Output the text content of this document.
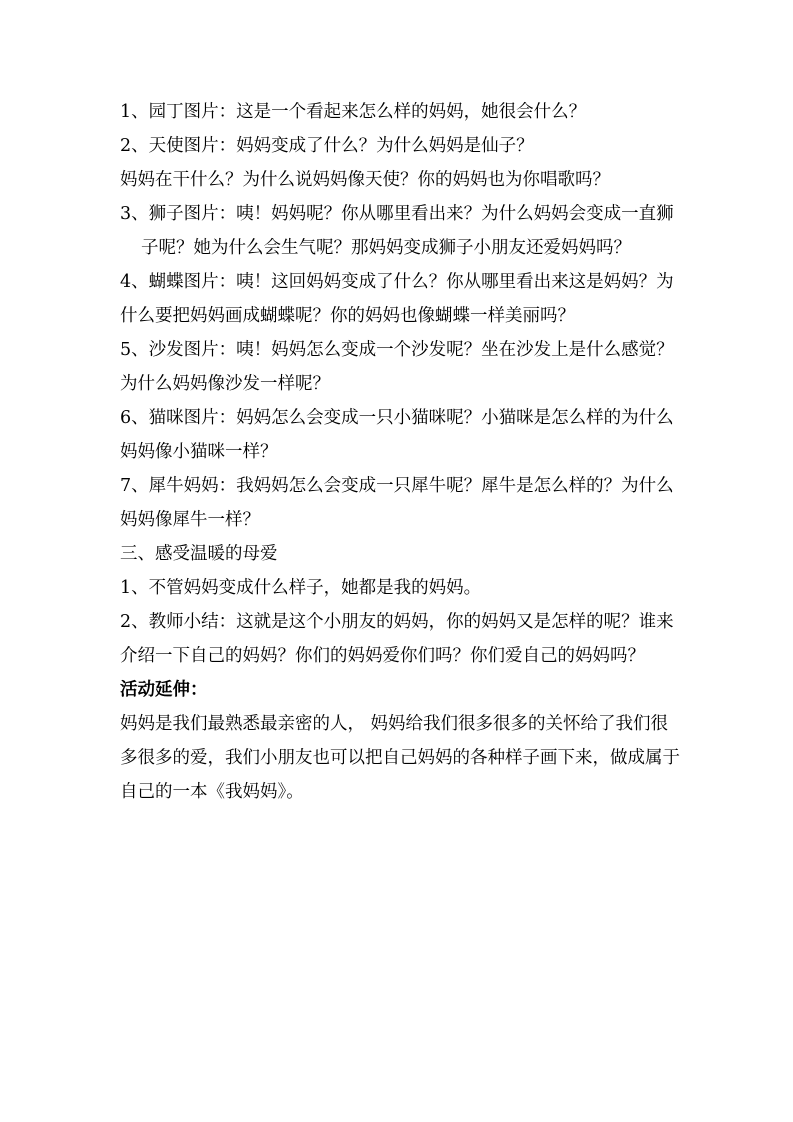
1、园丁图片：这是一个看起来怎么样的妈妈，她很会什么？

2、天使图片：妈妈变成了什么？为什么妈妈是仙子？

妈妈在干什么？为什么说妈妈像天使？你的妈妈也为你唱歌吗？

3、狮子图片：咦！妈妈呢？你从哪里看出来？为什么妈妈会变成一直狮子呢？她为什么会生气呢？那妈妈变成狮子小朋友还爱妈妈吗？

4、蝴蝶图片：咦！这回妈妈变成了什么？你从哪里看出来这是妈妈？为什么要把妈妈画成蝴蝶呢？你的妈妈也像蝴蝶一样美丽吗？

5、沙发图片：咦！妈妈怎么变成一个沙发呢？坐在沙发上是什么感觉？为什么妈妈像沙发一样呢？

6、猫咪图片：妈妈怎么会变成一只小猫咪呢？小猫咪是怎么样的为什么妈妈像小猫咪一样？

7、犀牛妈妈：我妈妈怎么会变成一只犀牛呢？犀牛是怎么样的？为什么妈妈像犀牛一样？

三、感受温暖的母爱

1、不管妈妈变成什么样子，她都是我的妈妈。

2、教师小结：这就是这个小朋友的妈妈，你的妈妈又是怎样的呢？谁来介绍一下自己的妈妈？你们的妈妈爱你们吗？你们爱自己的妈妈吗？

活动延伸：

妈妈是我们最熟悉最亲密的人， 妈妈给我们很多很多的关怀给了我们很多很多的爱，我们小朋友也可以把自己妈妈的各种样子画下来，做成属于自己的一本《我妈妈》。
